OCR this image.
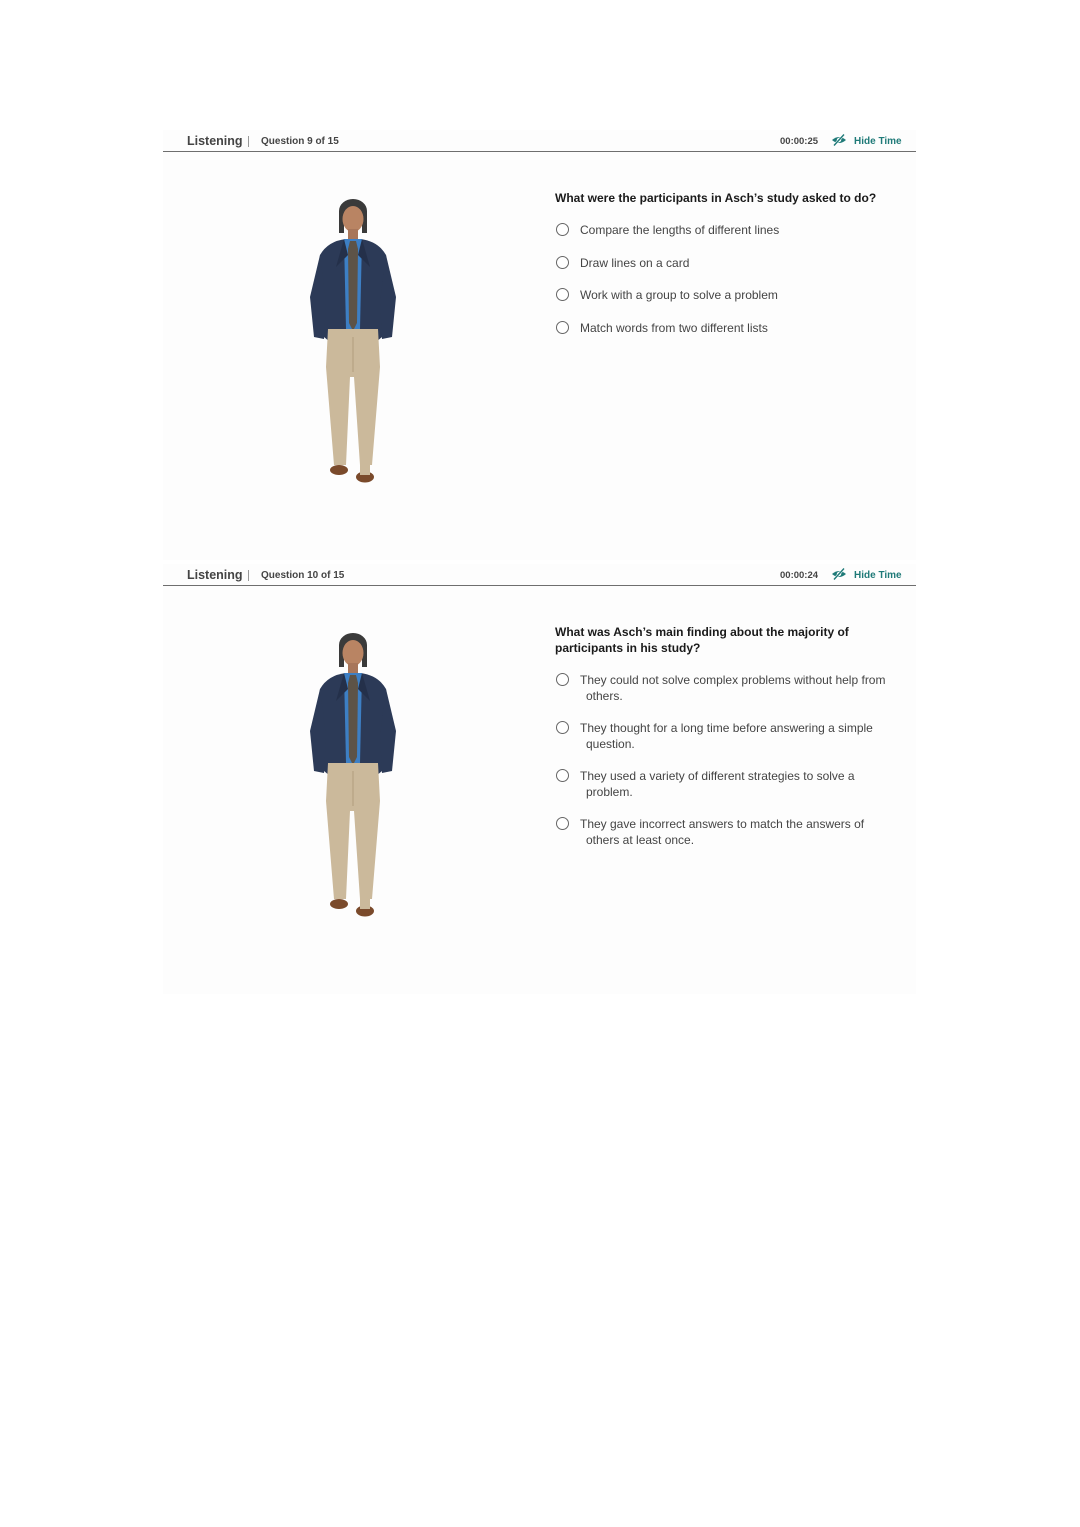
Listening Question 9 of 15	00:00:25	Hide Time
What were the participants in Asch’s study asked to do?
Compare the lengths of different lines
Draw lines on a card
Work with a group to solve a problem
Match words from two different lists
Listening Question 10 of 15	00:00:24	Hide Time
What was Asch’s main finding about the majority of participants in his study?
They could not solve complex problems without help from
others.
They thought for a long time before answering a simple
question.
They used a variety of different strategies to solve a
problem.
They gave incorrect answers to match the answers of
others at least once.
